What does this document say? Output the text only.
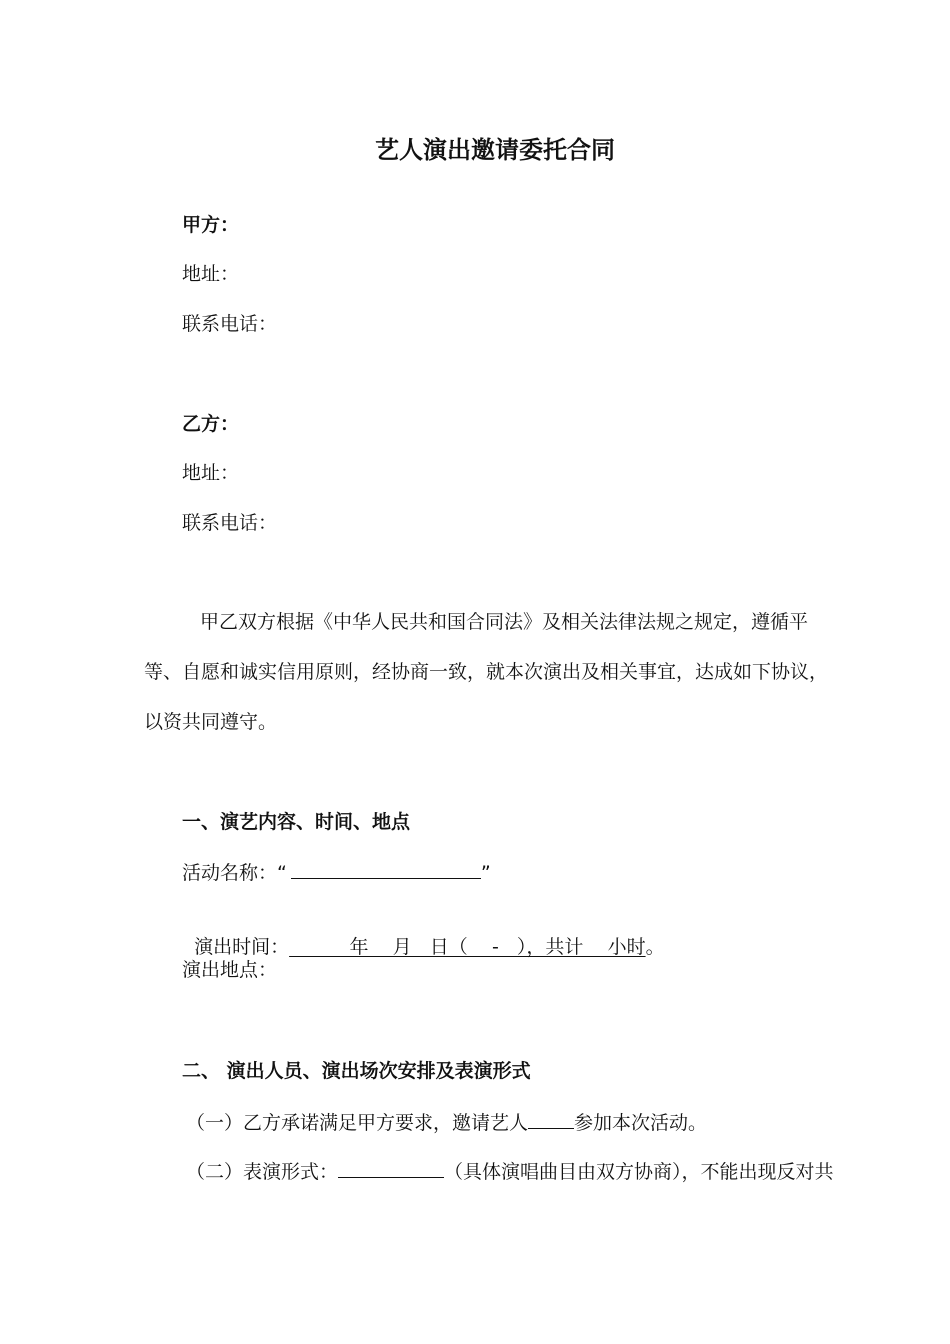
艺人演出邀请委托合同
甲方：
地址：
联系电话：
乙方：
地址：
联系电话：
甲乙双方根据《中华人民共和国合同法》及相关法律法规之规定，遵循平
等、自愿和诚实信用原则，经协商一致，就本次演出及相关事宜，达成如下协议，
以资共同遵守。
一、演艺内容、时间、地点
活动名称：“	”

演出时间：          年    月   日（    -   ），共计    小时。

演出地点：
二、 演出人员、演出场次安排及表演形式
（一）乙方承诺满足甲方要求，邀请艺人 参加本次活动。
（二）表演形式：	（具体演唱曲目由双方协商），不能出现反对共
